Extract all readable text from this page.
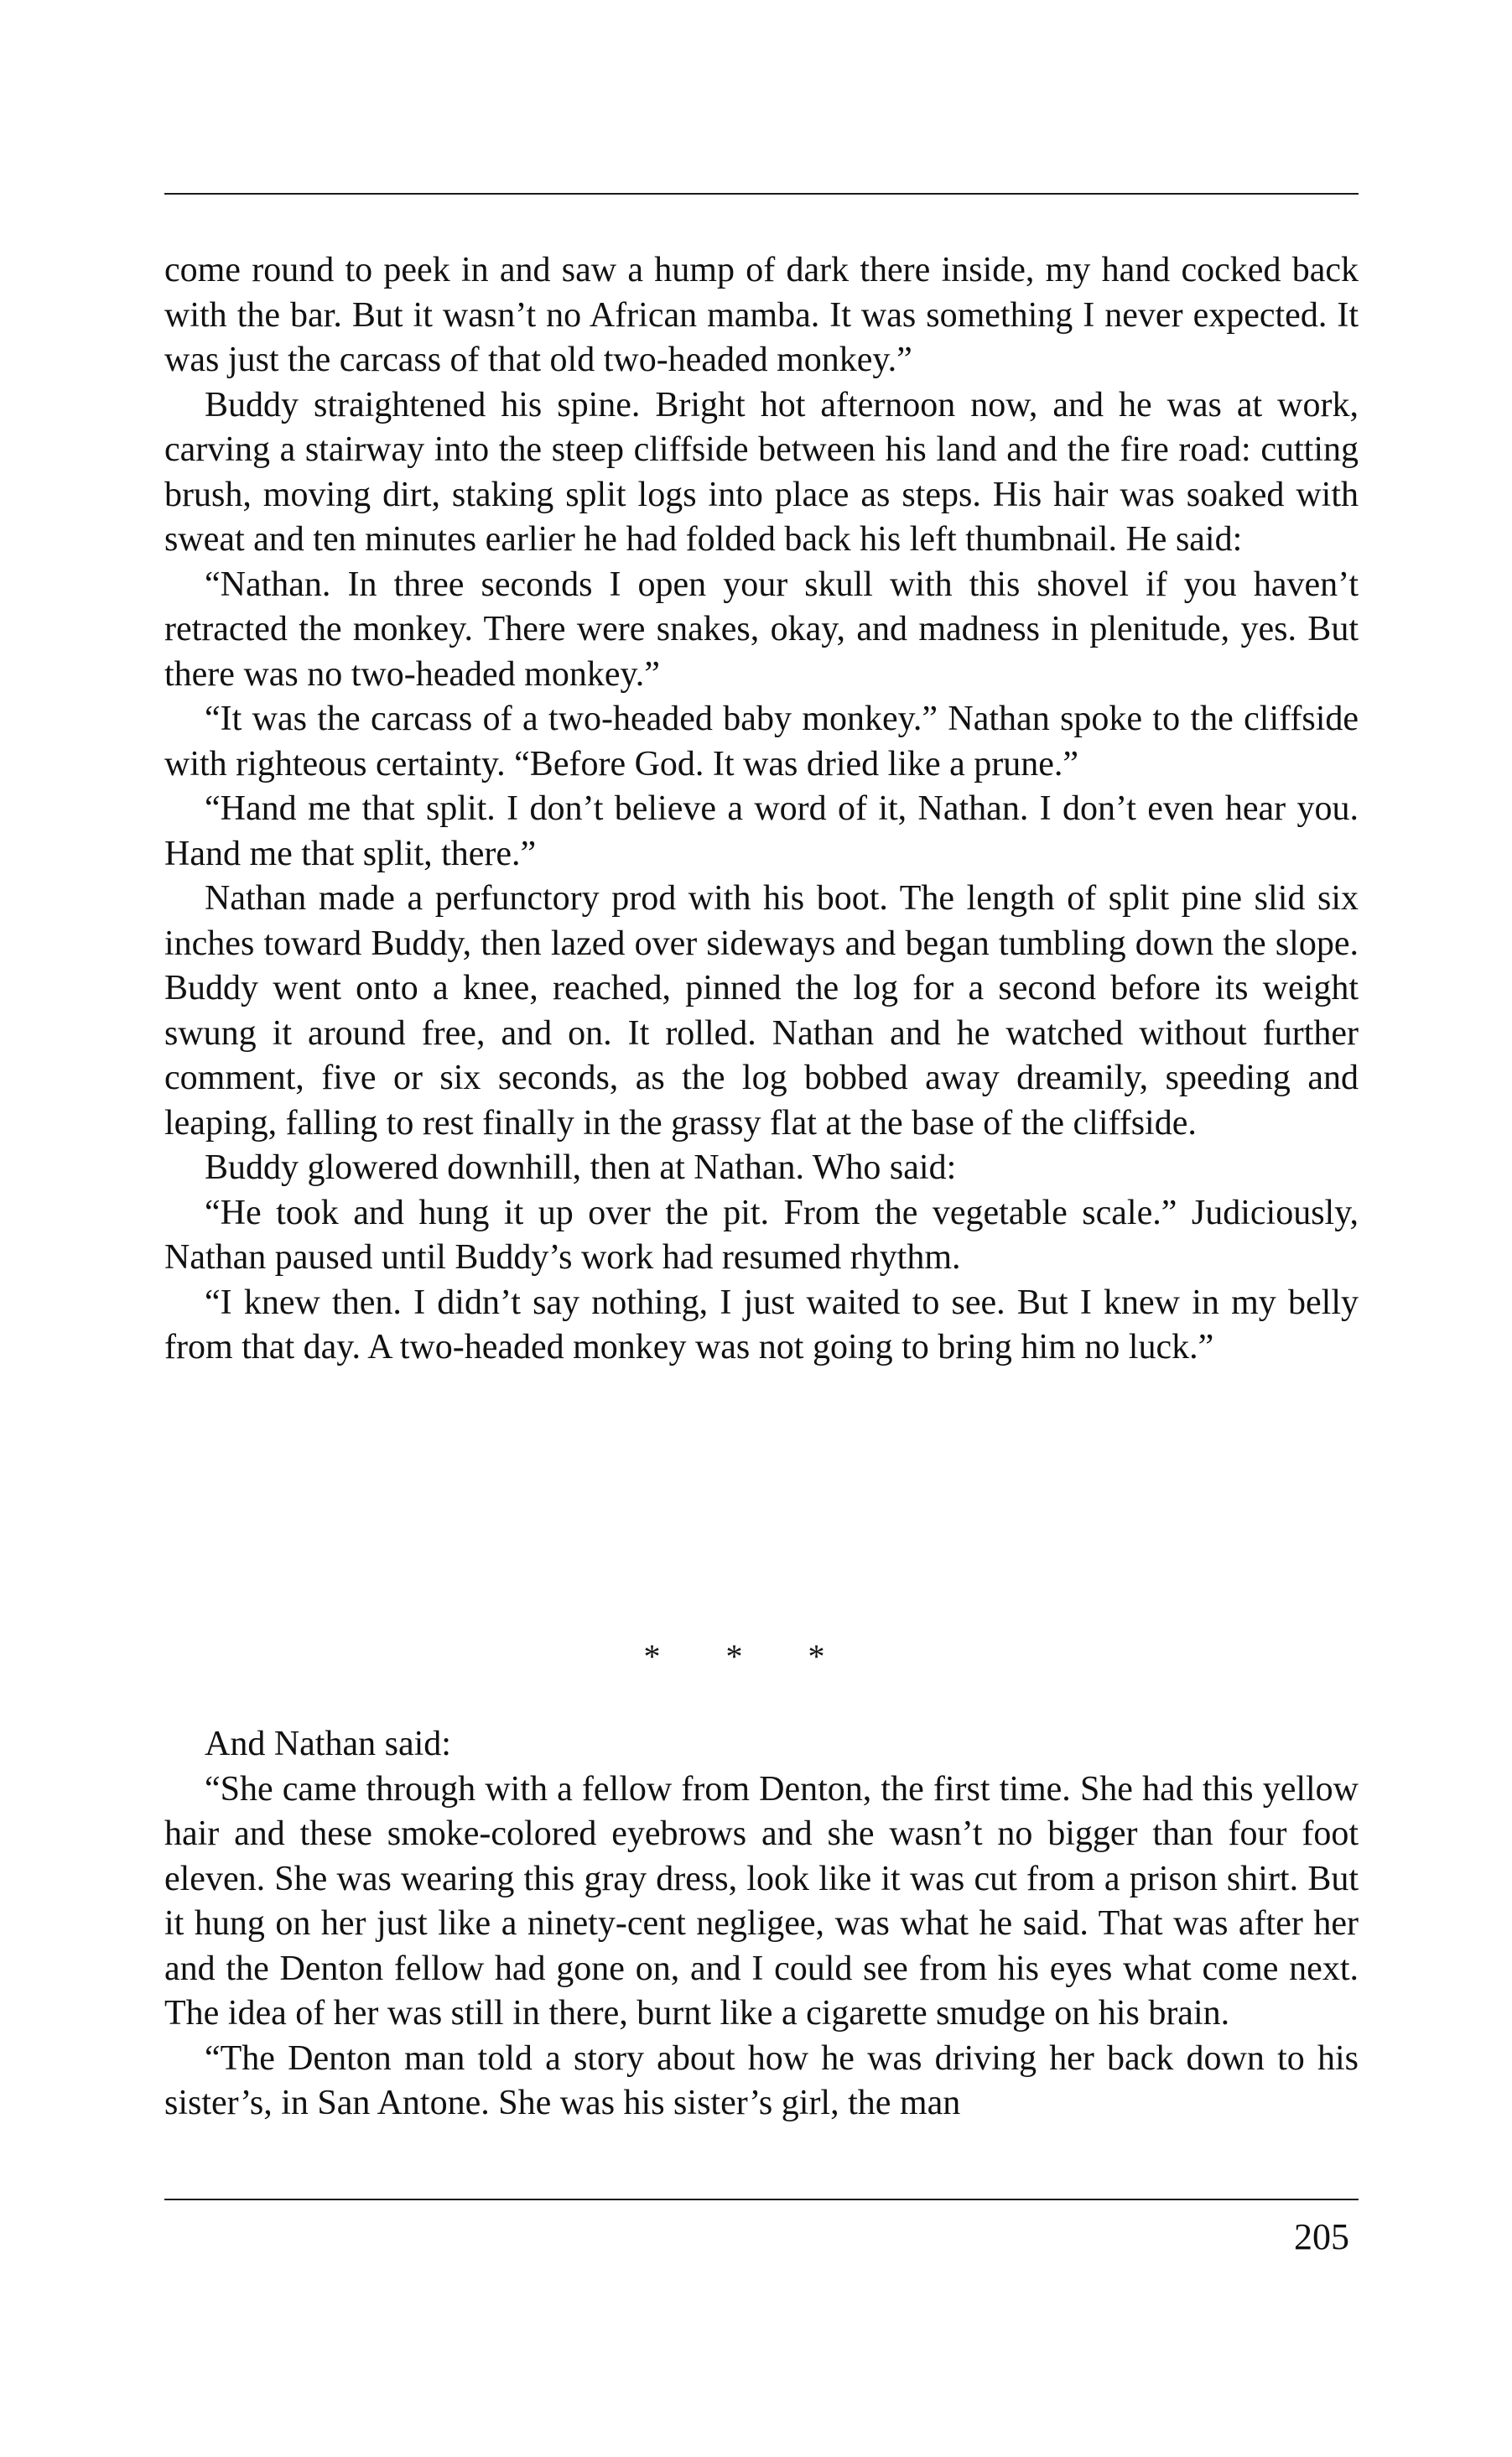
come round to peek in and saw a hump of dark there inside, my hand cocked back with the bar. But it wasn’t no African mamba. It was something I never expected. It was just the carcass of that old two-headed monkey.”

Buddy straightened his spine. Bright hot afternoon now, and he was at work, carving a stairway into the steep cliffside between his land and the fire road: cutting brush, moving dirt, staking split logs into place as steps. His hair was soaked with sweat and ten minutes earlier he had folded back his left thumbnail. He said:

“Nathan. In three seconds I open your skull with this shovel if you haven’t retracted the monkey. There were snakes, okay, and madness in plenitude, yes. But there was no two-headed monkey.”

“It was the carcass of a two-headed baby monkey.” Nathan spoke to the cliffside with righteous certainty. “Before God. It was dried like a prune.”

“Hand me that split. I don’t believe a word of it, Nathan. I don’t even hear you. Hand me that split, there.”

Nathan made a perfunctory prod with his boot. The length of split pine slid six inches toward Buddy, then lazed over sideways and began tumbling down the slope. Buddy went onto a knee, reached, pinned the log for a second before its weight swung it around free, and on. It rolled. Nathan and he watched without further comment, five or six seconds, as the log bobbed away dreamily, speeding and leaping, falling to rest finally in the grassy flat at the base of the cliffside.

Buddy glowered downhill, then at Nathan. Who said:

“He took and hung it up over the pit. From the vegetable scale.” Judiciously, Nathan paused until Buddy’s work had resumed rhythm.

“I knew then. I didn’t say nothing, I just waited to see. But I knew in my belly from that day. A two-headed monkey was not going to bring him no luck.”

* * *

And Nathan said:

“She came through with a fellow from Denton, the first time. She had this yellow hair and these smoke-colored eyebrows and she wasn’t no bigger than four foot eleven. She was wearing this gray dress, look like it was cut from a prison shirt. But it hung on her just like a ninety-cent negligee, was what he said. That was after her and the Denton fellow had gone on, and I could see from his eyes what come next. The idea of her was still in there, burnt like a cigarette smudge on his brain.

“The Denton man told a story about how he was driving her back down to his sister’s, in San Antone. She was his sister’s girl, the man

205
